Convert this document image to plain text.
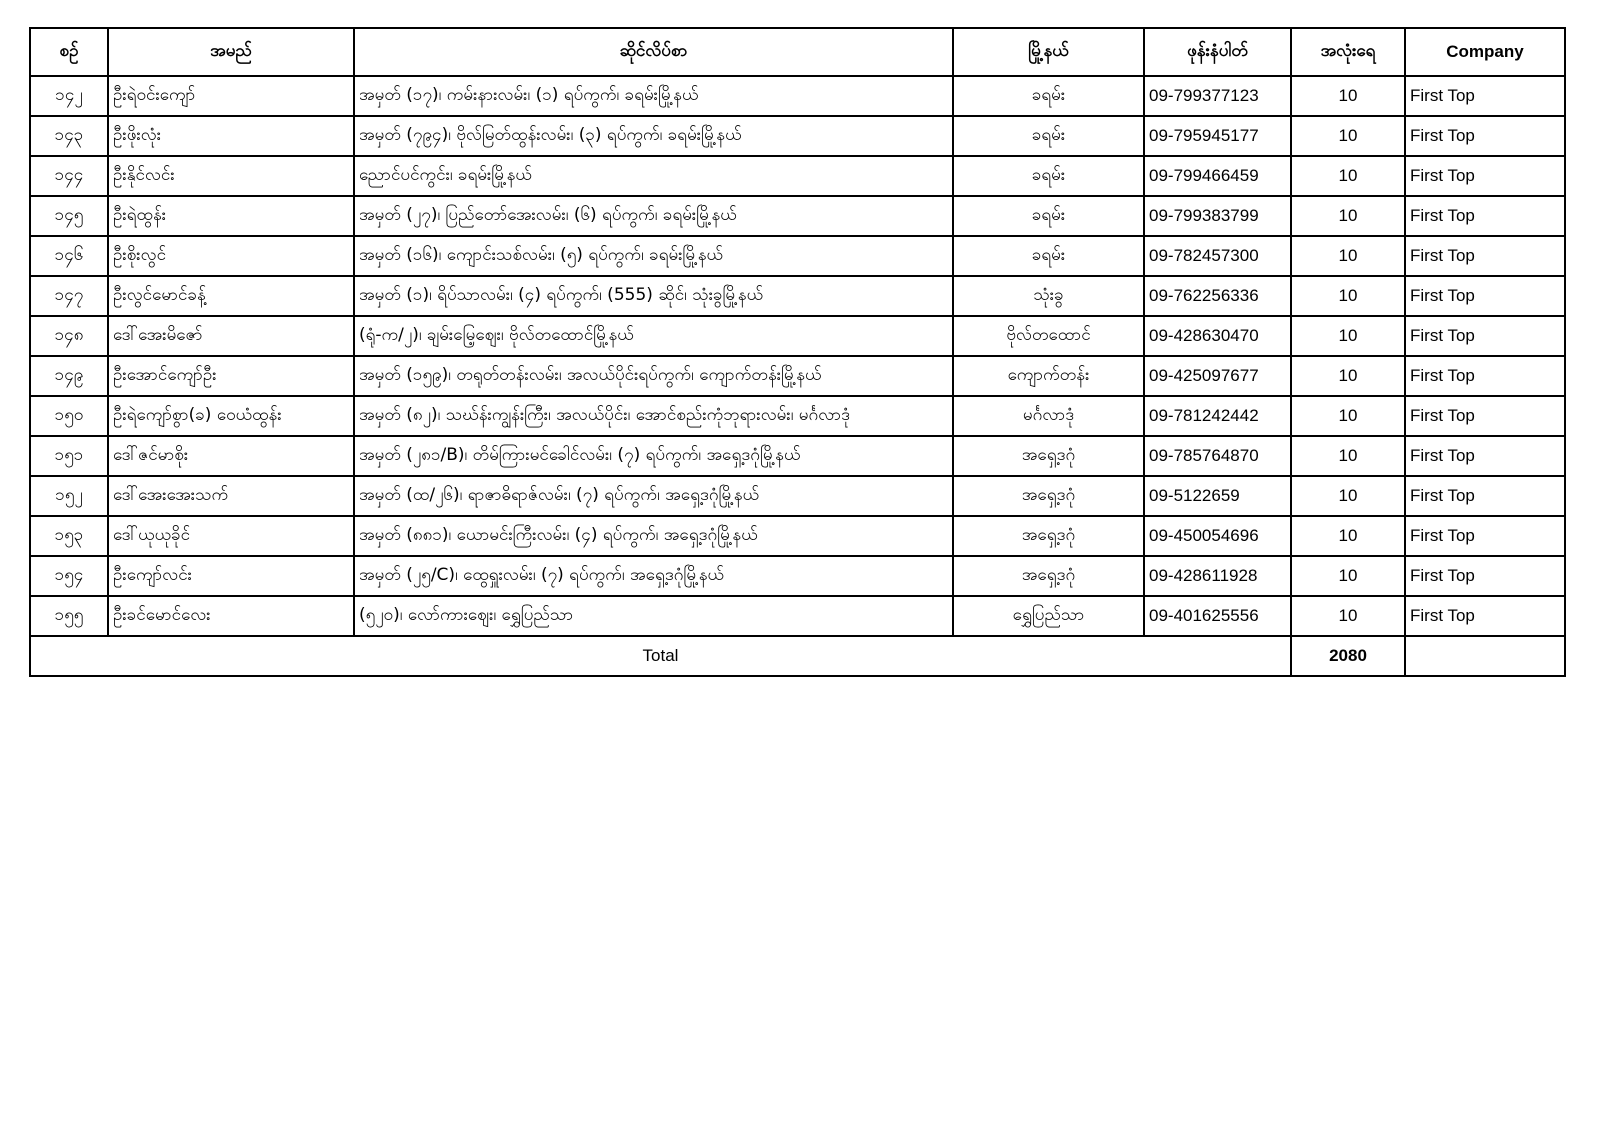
စဥ်	အမည်	ဆိုင်လိပ်စာ	မြို့နယ်	ဖုန်းနံပါတ်	အလုံးရေ	Company
၁၄၂	ဦးရဲဝင်းကျော်	အမှတ် (၁၇)၊ ကမ်းနားလမ်း၊ (၁) ရပ်ကွက်၊ ခရမ်းမြို့နယ်	ခရမ်း	09-799377123	10	First Top
၁၄၃	ဦးဖိုးလုံး	အမှတ် (၇၉၄)၊ ဗိုလ်မြတ်ထွန်းလမ်း၊ (၃) ရပ်ကွက်၊ ခရမ်းမြို့နယ်	ခရမ်း	09-795945177	10	First Top
၁၄၄	ဦးနိုင်လင်း	ညောင်ပင်ကွင်း၊ ခရမ်းမြို့နယ်	ခရမ်း	09-799466459	10	First Top
၁၄၅	ဦးရဲထွန်း	အမှတ် (၂၇)၊ ပြည်တော်အေးလမ်း၊ (၆) ရပ်ကွက်၊ ခရမ်းမြို့နယ်	ခရမ်း	09-799383799	10	First Top
၁၄၆	ဦးစိုးလွင်	အမှတ် (၁၆)၊ ကျောင်းသစ်လမ်း၊ (၅) ရပ်ကွက်၊ ခရမ်းမြို့နယ်	ခရမ်း	09-782457300	10	First Top
၁၄၇	ဦးလွင်မောင်ခန့်	အမှတ် (၁)၊ ရိပ်သာလမ်း၊ (၄) ရပ်ကွက်၊ (555) ဆိုင်၊ သုံးခွမြို့နယ်	သုံးခွ	09-762256336	10	First Top
၁၄၈	ဒေါ်အေးမိဇော်	(ရုံ-က/၂)၊ ချမ်းမြေ့ဈေး၊ ဗိုလ်တထောင်မြို့နယ်	ဗိုလ်တထောင်	09-428630470	10	First Top
၁၄၉	ဦးအောင်ကျော်ဦး	အမှတ် (၁၅၉)၊ တရုတ်တန်းလမ်း၊ အလယ်ပိုင်းရပ်ကွက်၊ ကျောက်တန်းမြို့နယ်	ကျောက်တန်း	09-425097677	10	First Top
၁၅၀	ဦးရဲကျော်စွာ(ခ) ဝေယံထွန်း	အမှတ် (၈၂)၊ သဃ်န်းကျွန်းကြီး၊ အလယ်ပိုင်း၊ အောင်စည်းကုံဘုရားလမ်း၊ မင်္ဂလာဒုံ	မင်္ဂလာဒုံ	09-781242442	10	First Top
၁၅၁	ဒေါ်ဇင်မာစိုး	အမှတ် (၂၈၁/B)၊ တိမ်ကြားမင်ခေါင်လမ်း၊ (၇) ရပ်ကွက်၊ အရှေ့ဒဂုံမြို့နယ်	အရှေ့ဒဂုံ	09-785764870	10	First Top
၁၅၂	ဒေါ်အေးအေးသက်	အမှတ် (ထ/၂၆)၊ ရာဇာဓိရာဇ်လမ်း၊ (၇) ရပ်ကွက်၊ အရှေ့ဒဂုံမြို့နယ်	အရှေ့ဒဂုံ	09-5122659	10	First Top
၁၅၃	ဒေါ်ယုယုခိုင်	အမှတ် (၈၈၁)၊ ယောမင်းကြီးလမ်း၊ (၄) ရပ်ကွက်၊ အရှေ့ဒဂုံမြို့နယ်	အရှေ့ဒဂုံ	09-450054696	10	First Top
၁၅၄	ဦးကျော်လင်း	အမှတ် (၂၅/C)၊ ထွေရှူးလမ်း၊ (၇) ရပ်ကွက်၊ အရှေ့ဒဂုံမြို့နယ်	အရှေ့ဒဂုံ	09-428611928	10	First Top
၁၅၅	ဦးခင်မောင်လေး	(၅၂၀)၊ လော်ကားဈေး၊ ရွှေပြည်သာ	ရွှေပြည်သာ	09-401625556	10	First Top
Total					2080	
